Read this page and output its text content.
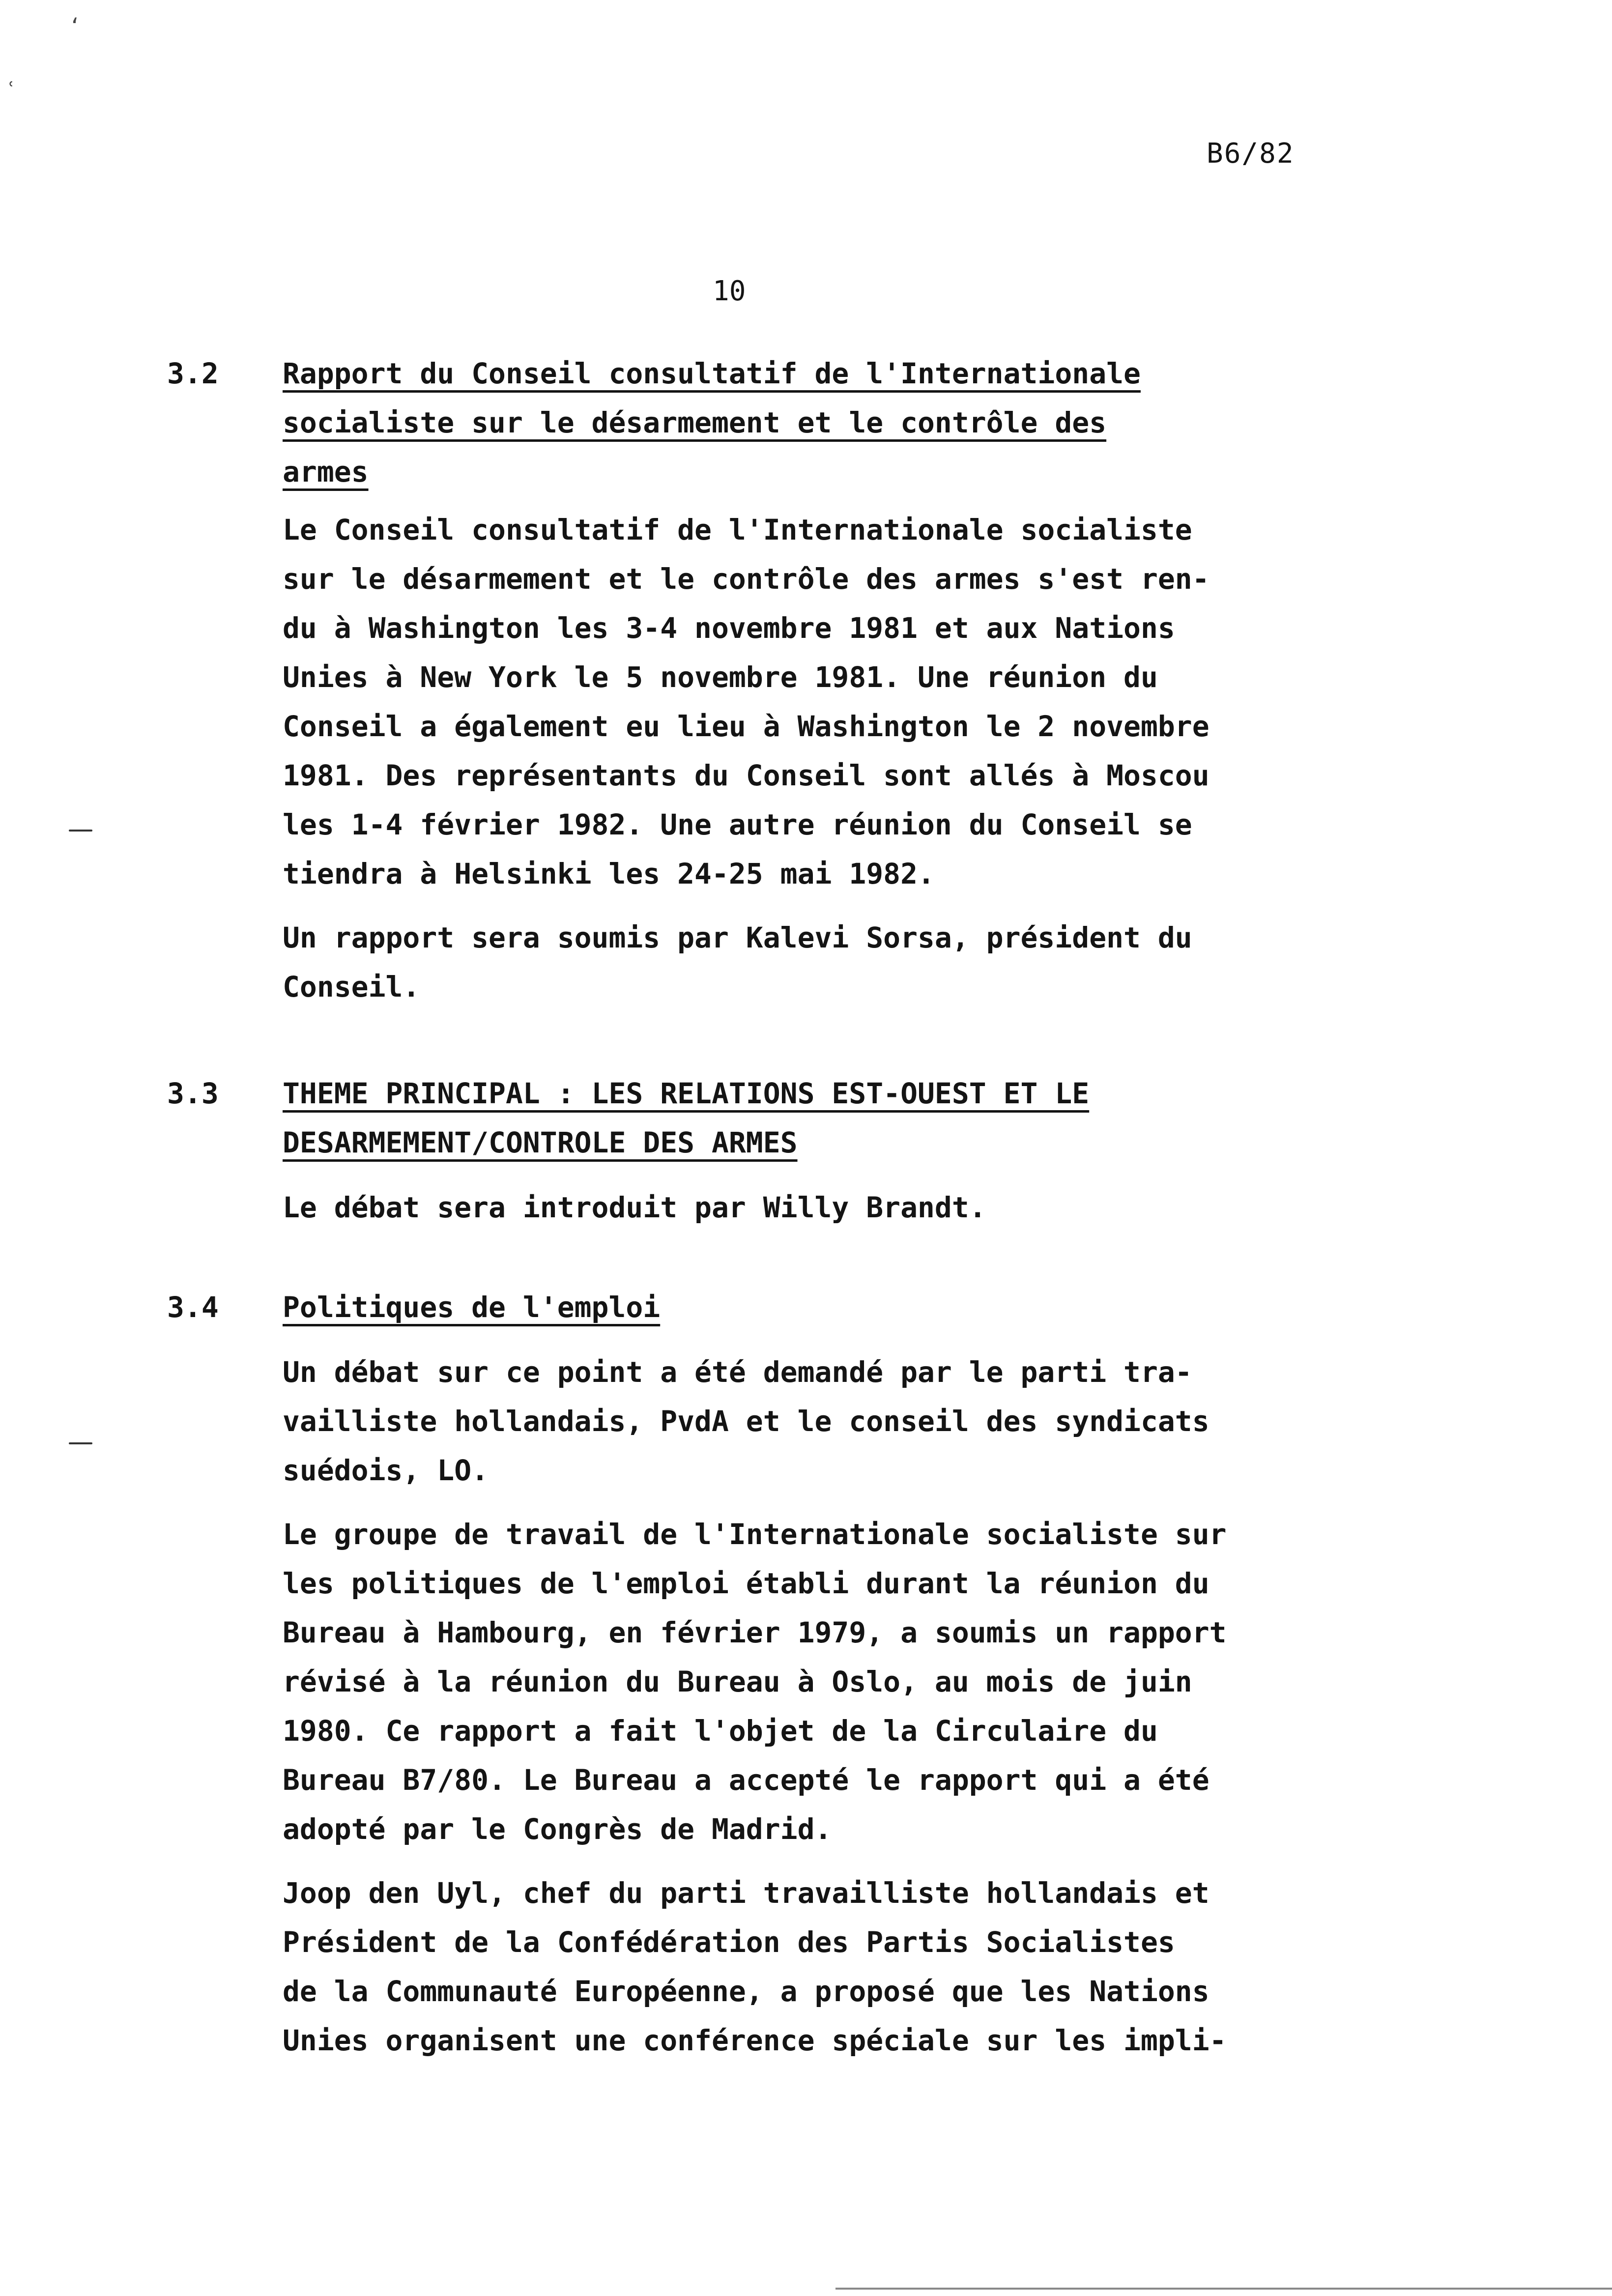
‘
ʿ
B6/82
10
3.2 Rapport du Conseil consultatif de l'Internationale
socialiste sur le désarmement et le contrôle des
armes

Le Conseil consultatif de l'Internationale socialiste
sur le désarmement et le contrôle des armes s'est ren-
du à Washington les 3-4 novembre 1981 et aux Nations
Unies à New York le 5 novembre 1981. Une réunion du
Conseil a également eu lieu à Washington le 2 novembre
1981. Des représentants du Conseil sont allés à Moscou
les 1-4 février 1982. Une autre réunion du Conseil se
tiendra à Helsinki les 24-25 mai 1982.

Un rapport sera soumis par Kalevi Sorsa, président du
Conseil.

3.3 THEME PRINCIPAL : LES RELATIONS EST-OUEST ET LE
DESARMEMENT/CONTROLE DES ARMES

Le débat sera introduit par Willy Brandt.

3.4 Politiques de l'emploi

Un débat sur ce point a été demandé par le parti tra-
vailliste hollandais, PvdA et le conseil des syndicats
suédois, LO.

Le groupe de travail de l'Internationale socialiste sur
les politiques de l'emploi établi durant la réunion du
Bureau à Hambourg, en février 1979, a soumis un rapport
révisé à la réunion du Bureau à Oslo, au mois de juin
1980. Ce rapport a fait l'objet de la Circulaire du
Bureau B7/80. Le Bureau a accepté le rapport qui a été
adopté par le Congrès de Madrid.

Joop den Uyl, chef du parti travailliste hollandais et
Président de la Confédération des Partis Socialistes
de la Communauté Européenne, a proposé que les Nations
Unies organisent une conférence spéciale sur les impli-
